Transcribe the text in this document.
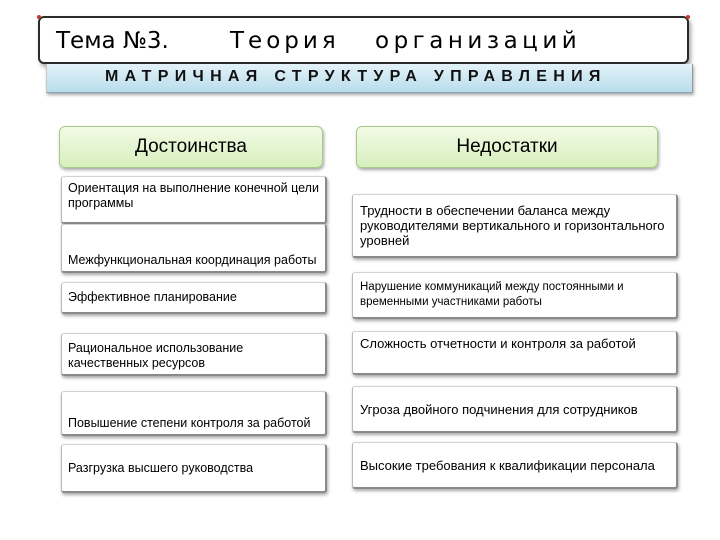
Тема №3.	Теория организаций
МАТРИЧНАЯ СТРУКТУРА УПРАВЛЕНИЯ
Достоинства	Недостатки
Ориентация на выполнение конечной цели программы
Межфункциональная координация работы
Эффективное планирование
Рациональное использование качественных ресурсов
Повышение степени контроля за работой
Разгрузка высшего руководства
Трудности в обеспечении баланса между руководителями вертикального и горизонтального уровней
Нарушение коммуникаций между постоянными и временными участниками работы
Сложность отчетности и контроля за работой
Угроза двойного подчинения для сотрудников
Высокие требования к квалификации персонала
